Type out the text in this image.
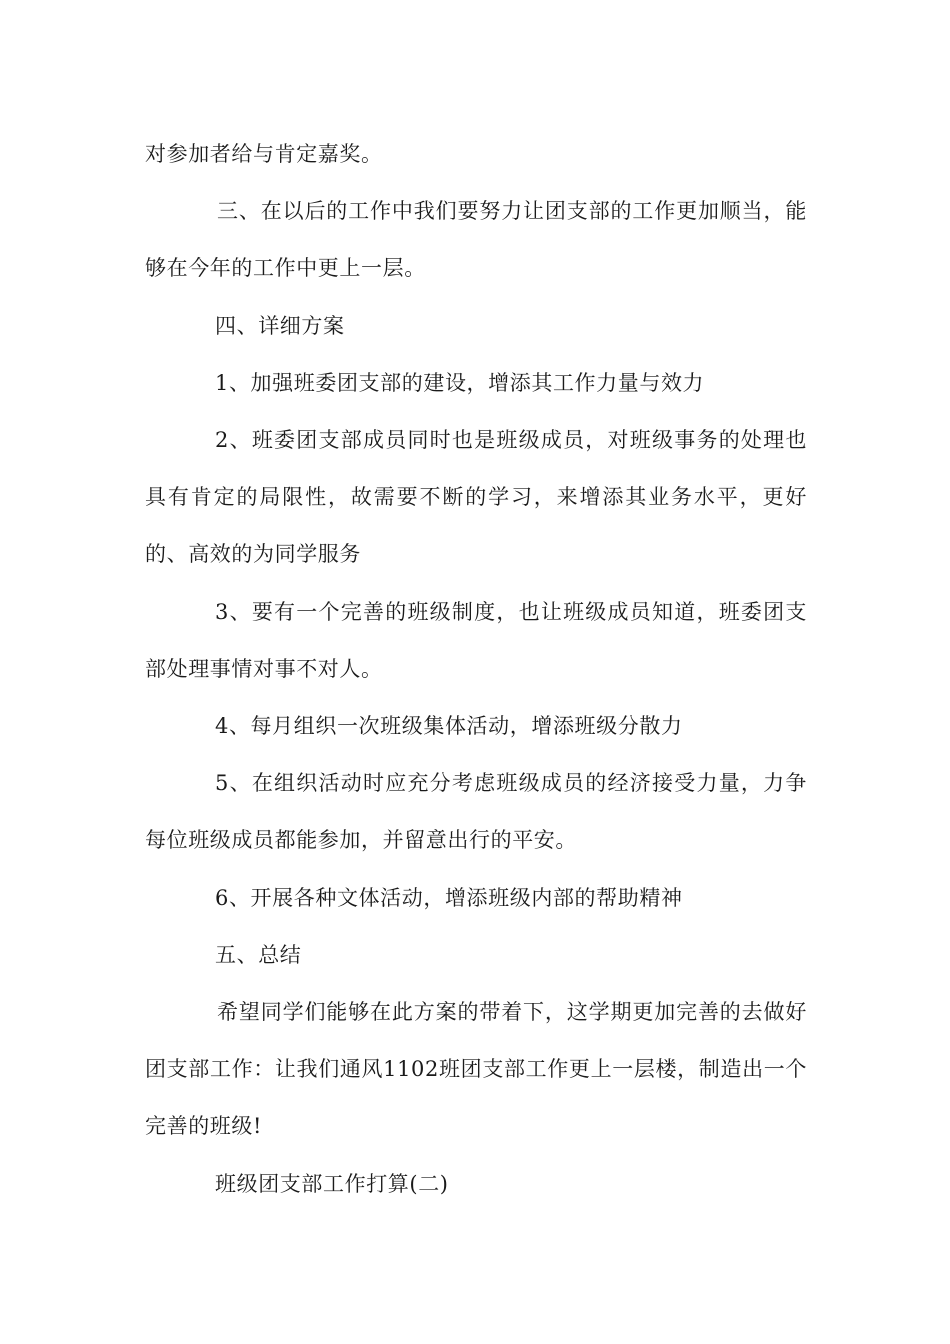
对参加者给与肯定嘉奖。

三、在以后的工作中我们要努力让团支部的工作更加顺当，能够在今年的工作中更上一层。

四、详细方案

1、加强班委团支部的建设，增添其工作力量与效力

2、班委团支部成员同时也是班级成员，对班级事务的处理也具有肯定的局限性，故需要不断的学习，来增添其业务水平，更好的、高效的为同学服务

3、要有一个完善的班级制度，也让班级成员知道，班委团支部处理事情对事不对人。

4、每月组织一次班级集体活动，增添班级分散力

5、在组织活动时应充分考虑班级成员的经济接受力量，力争每位班级成员都能参加，并留意出行的平安。

6、开展各种文体活动，增添班级内部的帮助精神

五、总结

希望同学们能够在此方案的带着下，这学期更加完善的去做好团支部工作：让我们通风1102班团支部工作更上一层楼，制造出一个完善的班级!

班级团支部工作打算(二)
